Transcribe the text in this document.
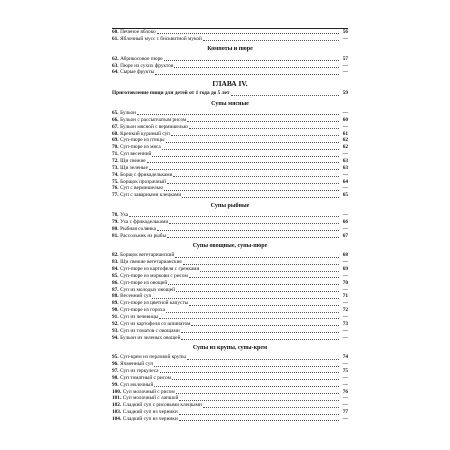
60. Печеное яблоко	56
61. Яблочный мусс с бисквитной мукой	—
Компоты и пюре
62. Абрикосовое пюре	57
63. Пюре из сухих фруктов	—
64. Сырые фрукты	—
ГЛАВА IV.
Приготовление пищи для детей от 1 года до 5 лет	59
Супы мясные
65. Бульон	—
66. Бульон с рассыпчатым рисом	60
67. Бульон мясной с вермишелью	—
68. Крепкий куриный суп	61
69. Суп-пюре из птицы	62
70. Суп-пюре из мяса	62
71. Суп весенний	—
72. Щи свежие	63
73. Щи зеленые	63
74. Борщ с фрикадельками	—
75. Борщок прозрачный	64
76. Суп с вермишелью	—
77. Суп с заварными клецками	65
Супы рыбные
78. Уха	—
79. Уха с фрикадельками	66
80. Рыбная солянка	—
81. Рассольник из рыбы	67
Супы овощные, супы-пюре
82. Борщок вегетарианский	68
83. Щи свежие вегетарианские	—
84. Суп-пюре из картофеля с гренками	69
85. Суп-пюре из моркови с рисом	—
86. Суп-пюре из овощей	70
87. Суп из молодых овощей	—
88. Весенний суп	71
89. Суп-пюре из цветной капусты	—
90. Суп-пюре из гороха	72
91. Суп из чечевицы	—
92. Суп из картофеля со шпинатом	73
93. Суп из томатов с овощами	—
94. Бульон из зеленых овощей	—
Супы из крупы, супы-крем
95. Суп-крем из перловой крупы	74
96. Ячменный суп	—
97. Суп из геркулеса	75
98. Суп томатный с рисом	—
99. Суп молочный	—
100. Суп молочный с рисом	76
101. Суп молочный с лапшой	—
102. Сладкий суп с рисовыми клецками	—
103. Сладкий суп из черники	77
104. Сладкий суп из черники	—
